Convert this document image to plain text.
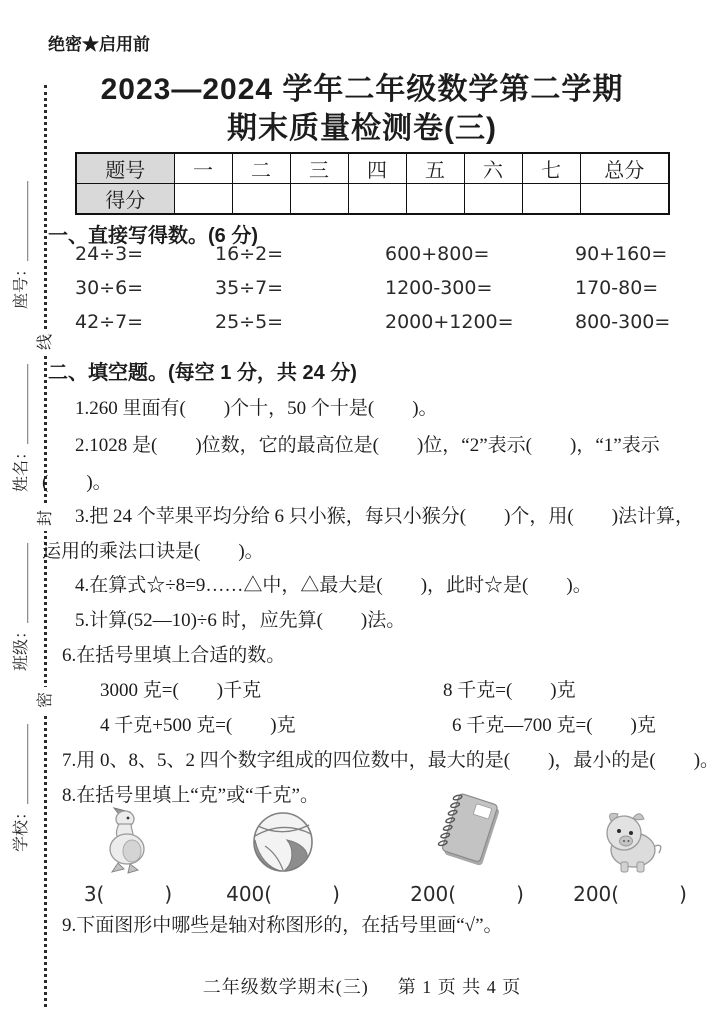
座号：＿＿＿＿＿
姓名：＿＿＿＿＿
班级：＿＿＿＿＿
学校：＿＿＿＿＿
线
封
密
绝密★启用前
2023—2024 学年二年级数学第二学期
期末质量检测卷(三)
题号	一	二	三	四	五	六	七	总分
得分								
一、直接写得数。(6 分)
24÷3=	16÷2=	600+800=	90+160=
30÷6=	35÷7=	1200-300=	170-80=
42÷7=	25÷5=	2000+1200=	800-300=
二、填空题。(每空 1 分，共 24 分)
1.260 里面有(　　)个十，50 个十是(　　)。
2.1028 是(　　)位数，它的最高位是(　　)位，“2”表示(　　)，“1”表示
(　　)。
3.把 24 个苹果平均分给 6 只小猴，每只小猴分(　　)个，用(　　)法计算，
运用的乘法口诀是(　　)。
4.在算式☆÷8=9……△中，△最大是(　　)，此时☆是(　　)。
5.计算(52—10)÷6 时，应先算(　　)法。
6.在括号里填上合适的数。
3000 克=(　　)千克	8 千克=(　　)克
4 千克+500 克=(　　)克	6 千克—700 克=(　　)克
7.用 0、8、5、2 四个数字组成的四位数中，最大的是(　　)，最小的是(　　)。
8.在括号里填上“克”或“千克”。
3(　　　)	400(　　　)	200(　　　)	200(　　　)
9.下面图形中哪些是轴对称图形的，在括号里画“√”。
二年级数学期末(三) 第 1 页 共 4 页
